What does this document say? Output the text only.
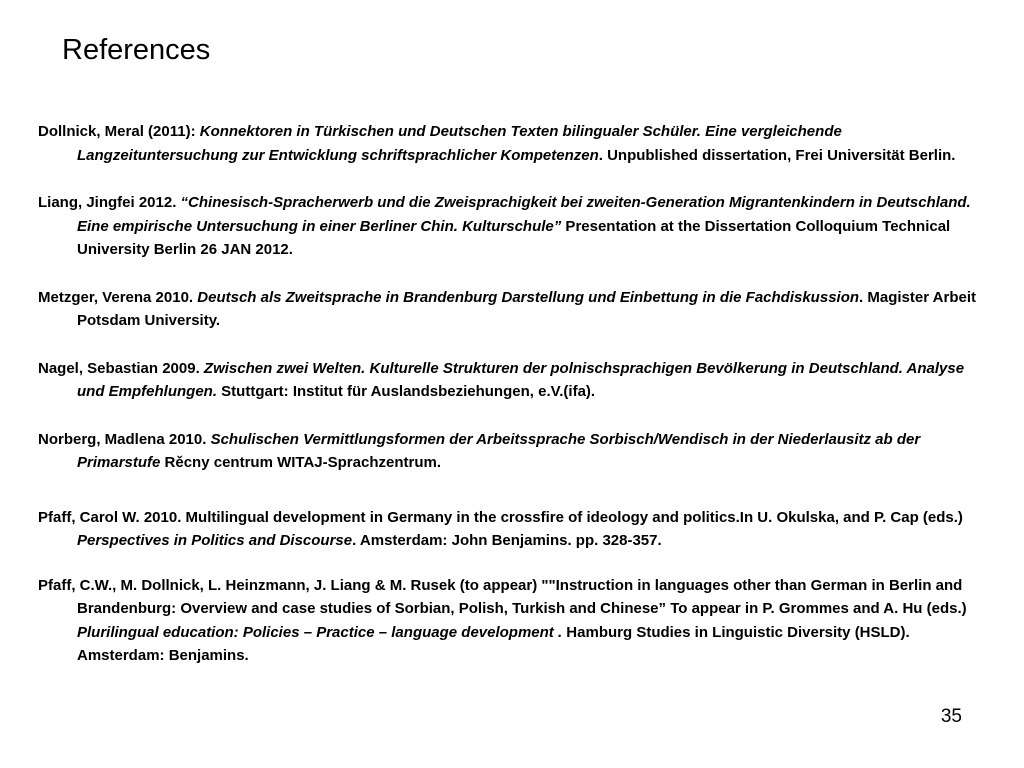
References

Dollnick, Meral (2011): Konnektoren in Türkischen und Deutschen Texten bilingualer Schüler. Eine vergleichende Langzeituntersuchung zur Entwicklung schriftsprachlicher Kompetenzen. Unpublished dissertation, Frei Universität Berlin.

Liang, Jingfei 2012. “Chinesisch-Spracherwerb und die Zweisprachigkeit bei zweiten-Generation Migrantenkindern in Deutschland. Eine empirische Untersuchung in einer Berliner Chin. Kulturschule” Presentation at the Dissertation Colloquium Technical University Berlin 26 JAN 2012.

Metzger, Verena 2010. Deutsch als Zweitsprache in Brandenburg Darstellung und Einbettung in die Fachdiskussion. Magister Arbeit Potsdam University.

Nagel, Sebastian 2009. Zwischen zwei Welten. Kulturelle Strukturen der polnischsprachigen Bevölkerung in Deutschland. Analyse und Empfehlungen. Stuttgart: Institut für Auslandsbeziehungen, e.V.(ifa).

Norberg, Madlena 2010. Schulischen Vermittlungsformen der Arbeitssprache Sorbisch/Wendisch in der Niederlausitz ab der Primarstufe Rěcny centrum WITAJ-Sprachzentrum.

Pfaff, Carol W. 2010. Multilingual development in Germany in the crossfire of ideology and politics.In U. Okulska, and P. Cap (eds.) Perspectives in Politics and Discourse. Amsterdam: John Benjamins. pp. 328-357.

Pfaff, C.W., M. Dollnick, L. Heinzmann, J. Liang & M. Rusek (to appear) ""Instruction in languages other than German in Berlin and Brandenburg: Overview and case studies of Sorbian, Polish, Turkish and Chinese” To appear in P. Grommes and A. Hu (eds.) Plurilingual education: Policies – Practice – language development . Hamburg Studies in Linguistic Diversity (HSLD). Amsterdam: Benjamins.

35
